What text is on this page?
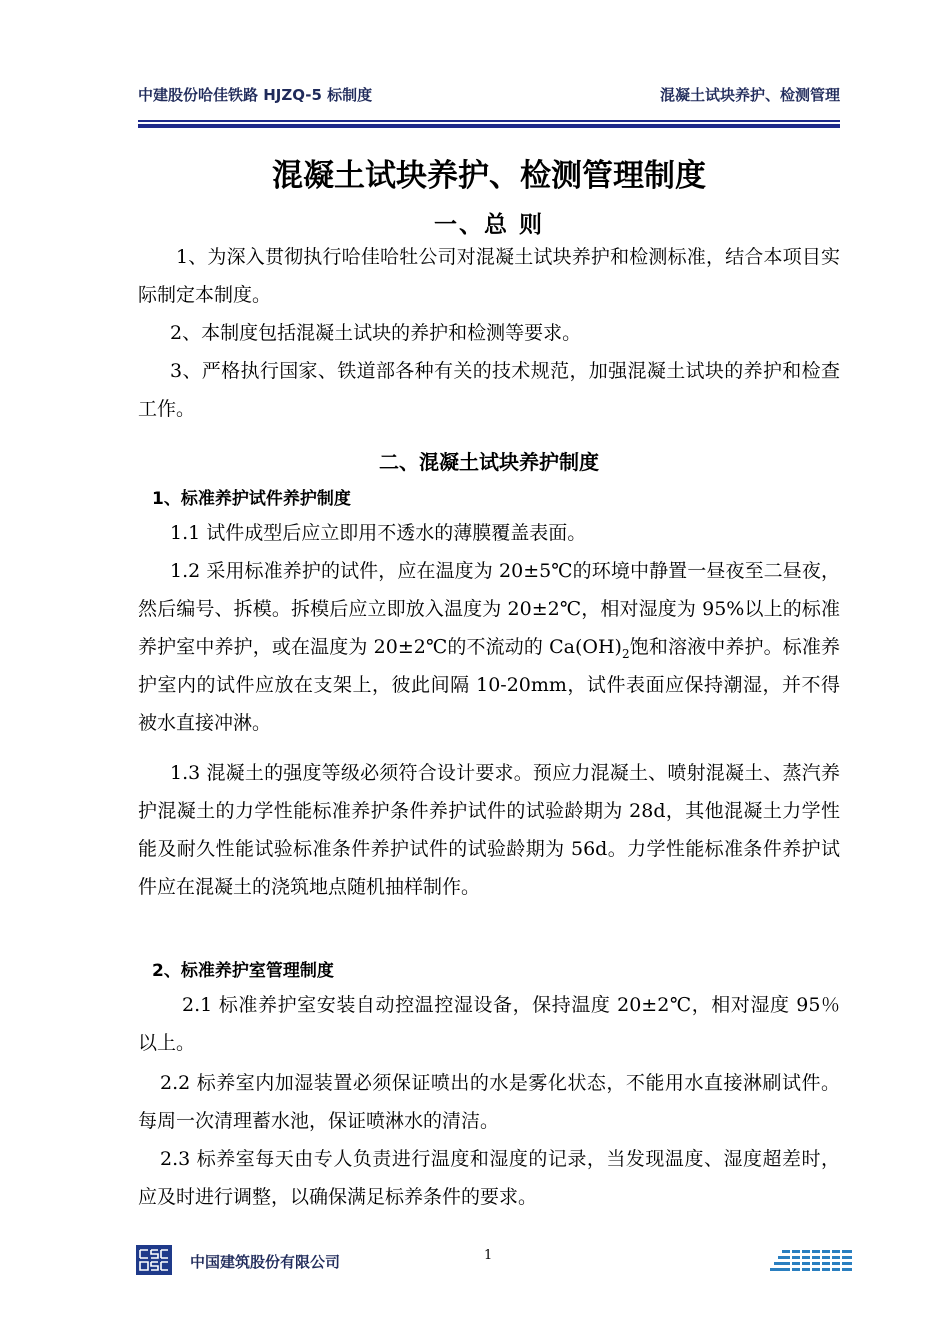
中建股份哈佳铁路 HJZQ-5 标制度	混凝土试块养护、检测管理
混凝土试块养护、检测管理制度
一、总 则

1、为深入贯彻执行哈佳哈牡公司对混凝土试块养护和检测标准，结合本项目实际制定本制度。

2、本制度包括混凝土试块的养护和检测等要求。

3、严格执行国家、铁道部各种有关的技术规范，加强混凝土试块的养护和检查工作。

二、混凝土试块养护制度
1、标准养护试件养护制度

1.1 试件成型后应立即用不透水的薄膜覆盖表面。

1.2 采用标准养护的试件，应在温度为 20±5℃的环境中静置一昼夜至二昼夜，然后编号、拆模。拆模后应立即放入温度为 20±2℃，相对湿度为 95%以上的标准养护室中养护，或在温度为 20±2℃的不流动的 $Ca(OH)_2$饱和溶液中养护。标准养护室内的试件应放在支架上，彼此间隔 10-20mm，试件表面应保持潮湿，并不得被水直接冲淋。

1.3 混凝土的强度等级必须符合设计要求。预应力混凝土、喷射混凝土、蒸汽养护混凝土的力学性能标准养护条件养护试件的试验龄期为 28d，其他混凝土力学性能及耐久性能试验标准条件养护试件的试验龄期为 56d。力学性能标准条件养护试件应在混凝土的浇筑地点随机抽样制作。

2、标准养护室管理制度

2.1 标准养护室安装自动控温控湿设备，保持温度 20±2℃，相对湿度 95％以上。

2.2 标养室内加湿装置必须保证喷出的水是雾化状态，不能用水直接淋刷试件。每周一次清理蓄水池，保证喷淋水的清洁。

2.3 标养室每天由专人负责进行温度和湿度的记录，当发现温度、湿度超差时，应及时进行调整，以确保满足标养条件的要求。

中国建筑股份有限公司	1
